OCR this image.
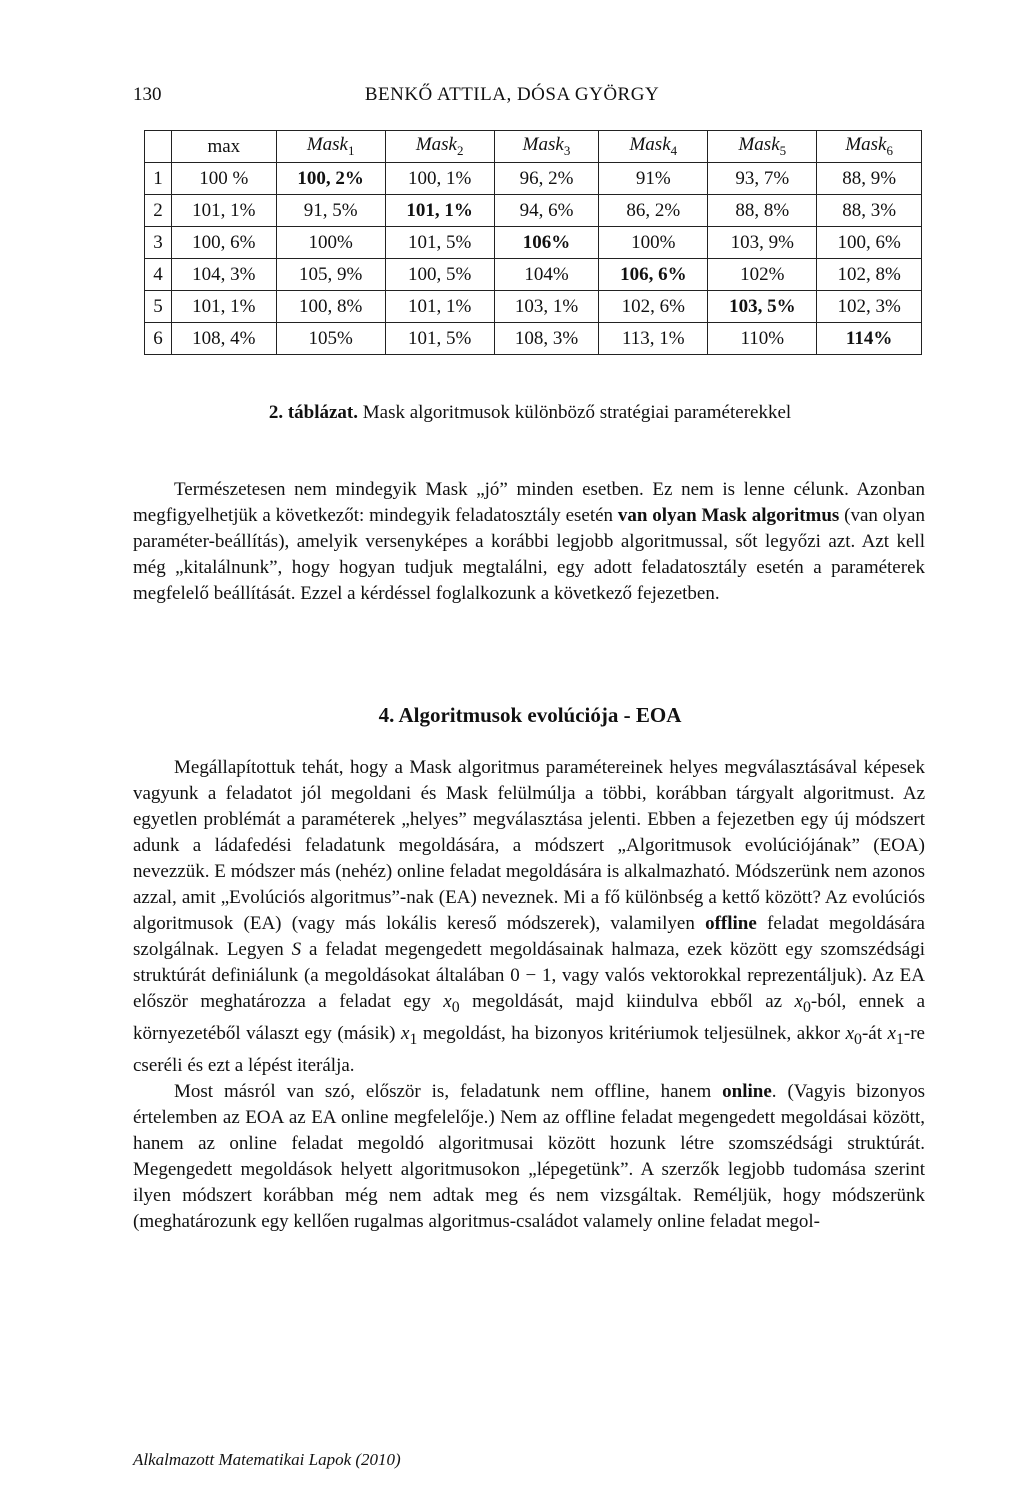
130	BENKŐ ATTILA, DÓSA GYÖRGY
	max	Mask$_1$	Mask$_2$	Mask$_3$	Mask$_4$	Mask$_5$	Mask$_6$
1	100 %	100, 2%	100, 1%	96, 2%	91%	93, 7%	88, 9%
2	101, 1%	91, 5%	101, 1%	94, 6%	86, 2%	88, 8%	88, 3%
3	100, 6%	100%	101, 5%	106%	100%	103, 9%	100, 6%
4	104, 3%	105, 9%	100, 5%	104%	106, 6%	102%	102, 8%
5	101, 1%	100, 8%	101, 1%	103, 1%	102, 6%	103, 5%	102, 3%
6	108, 4%	105%	101, 5%	108, 3%	113, 1%	110%	114%
2. táblázat. Mask algoritmusok különböző stratégiai paraméterekkel

Természetesen nem mindegyik Mask „jó” minden esetben. Ez nem is lenne célunk. Azonban megfigyelhetjük a következőt: mindegyik feladatosztály esetén van olyan Mask algoritmus (van olyan paraméter-beállítás), amelyik versenyképes a korábbi legjobb algoritmussal, sőt legyőzi azt. Azt kell még „kitalálnunk”, hogy hogyan tudjuk megtalálni, egy adott feladatosztály esetén a paraméterek megfelelő beállítását. Ezzel a kérdéssel foglalkozunk a következő fejezetben.

4. Algoritmusok evolúciója - EOA

Megállapítottuk tehát, hogy a Mask algoritmus paramétereinek helyes megválasztásával képesek vagyunk a feladatot jól megoldani és Mask felülmúlja a többi, korábban tárgyalt algoritmust. Az egyetlen problémát a paraméterek „helyes” megválasztása jelenti. Ebben a fejezetben egy új módszert adunk a ládafedési feladatunk megoldására, a módszert „Algoritmusok evolúciójának” (EOA) nevezzük. E módszer más (nehéz) online feladat megoldására is alkalmazható. Módszerünk nem azonos azzal, amit „Evolúciós algoritmus”-nak (EA) neveznek. Mi a fő különbség a kettő között? Az evolúciós algoritmusok (EA) (vagy más lokális kereső módszerek), valamilyen offline feladat megoldására szolgálnak. Legyen S a feladat megengedett megoldásainak halmaza, ezek között egy szomszédsági struktúrát definiálunk (a megoldásokat általában 0 − 1, vagy valós vektorokkal reprezentáljuk). Az EA először meghatározza a feladat egy $x_0$ megoldását, majd kiindulva ebből az $x_0$-ból, ennek a környezetéből választ egy (másik) $x_1$ megoldást, ha bizonyos kritériumok teljesülnek, akkor $x_0-át$ $x_1-re$ cseréli és ezt a lépést iterálja.

Most másról van szó, először is, feladatunk nem offline, hanem online. (Vagyis bizonyos értelemben az EOA az EA online megfelelője.) Nem az offline feladat megengedett megoldásai között, hanem az online feladat megoldó algoritmusai között hozunk létre szomszédsági struktúrát. Megengedett megoldások helyett algoritmusokon „lépegetünk”. A szerzők legjobb tudomása szerint ilyen módszert korábban még nem adtak meg és nem vizsgáltak. Reméljük, hogy módszerünk (meghatározunk egy kellően rugalmas algoritmus-családot valamely online feladat megol-

Alkalmazott Matematikai Lapok (2010)
